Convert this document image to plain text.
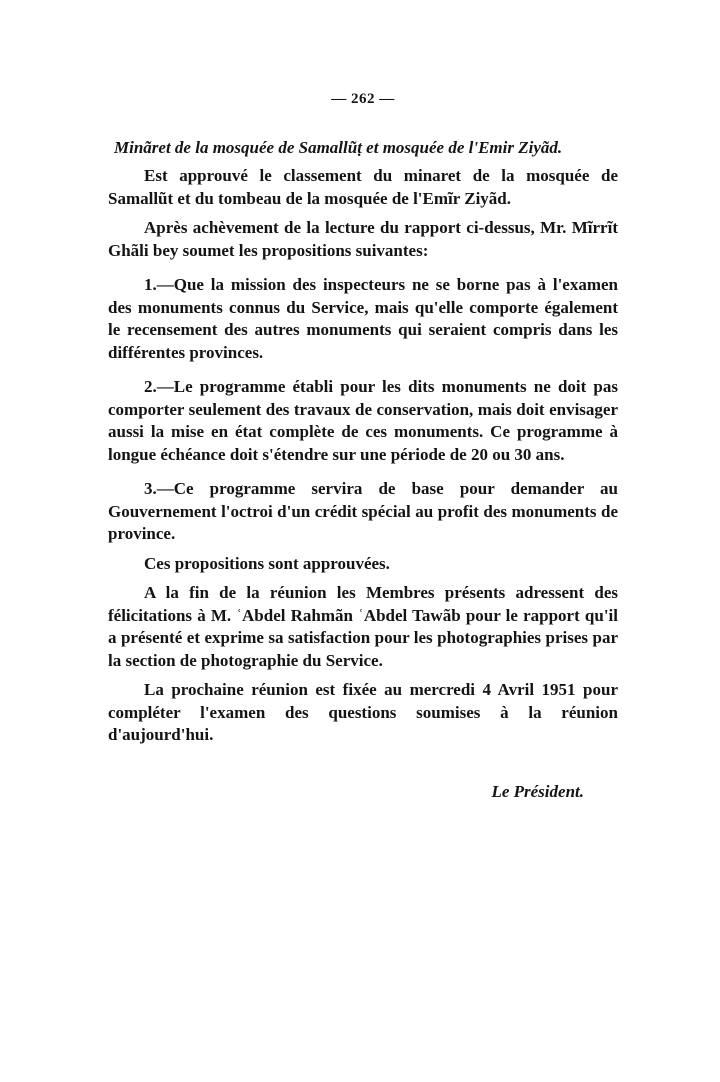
— 262 —
Minãret de la mosquée de Samallũṭ et mosquée de l'Emir Ziyãd.

Est approuvé le classement du minaret de la mosquée de Samallũt et du tombeau de la mosquée de l'Emĩr Ziyãd.

Après achèvement de la lecture du rapport ci-dessus, Mr. Mĩrrĩt Ghãli bey soumet les propositions suivantes:

1.—Que la mission des inspecteurs ne se borne pas à l'examen des monuments connus du Service, mais qu'elle comporte également le recensement des autres monuments qui seraient compris dans les différentes provinces.

2.—Le programme établi pour les dits monuments ne doit pas comporter seulement des travaux de conservation, mais doit envisager aussi la mise en état complète de ces monuments. Ce programme à longue échéance doit s'étendre sur une période de 20 ou 30 ans.

3.—Ce programme servira de base pour demander au Gouvernement l'octroi d'un crédit spécial au profit des monuments de province.

Ces propositions sont approuvées.

A la fin de la réunion les Membres présents adressent des félicitations à M. ʿAbdel Rahmãn ʿAbdel Tawãb pour le rapport qu'il a présenté et exprime sa satisfaction pour les photographies prises par la section de photographie du Service.

La prochaine réunion est fixée au mercredi 4 Avril 1951 pour compléter l'examen des questions soumises à la réunion d'aujourd'hui.

Le Président.
